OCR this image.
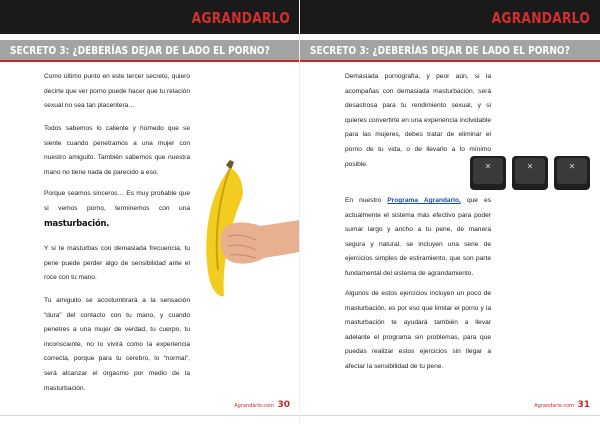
AGRANDARLO
SECRETO 3: ¿DEBERÍAS DEJAR DE LADO EL PORNO?

Como último punto en este tercer secreto, quiero decirte que ver porno puede hacer que tu relación sexual no sea tan placentera…

Todos sabemos lo caliente y húmedo que se siente cuando penetramos a una mujer con nuestro amiguito. También sabemos que nuestra mano no tiene nada de parecido a eso.

Porque seamos sinceros… Es muy probable que si vemos porno, terminemos con una masturbación.

Y si te masturbas con demasiada frecuencia, tu pene puede perder algo de sensibilidad ante el roce con tu mano.

Tu amiguito se acostumbrará a la sensación “dura” del contacto con tu mano, y cuando penetres a una mujer de verdad, tu cuerpo, tu inconsciente, no lo vivirá como la experiencia correcta, porque para tu cerebro, lo “normal”, será alcanzar el orgasmo por medio de la masturbación.

Agrandarlo.com 30
AGRANDARLO
SECRETO 3: ¿DEBERÍAS DEJAR DE LADO EL PORNO?

Demasiada pornografía, y peor aún, si la acompañas con demasiada masturbación, será desastrosa para tu rendimiento sexual, y si quieres convertirte en una experiencia inolvidable para las mujeres, debes tratar de eliminar el porno de tu vida, o de llevarlo a lo mínimo posible.	✕	✕	✕

En nuestro Programa Agrandarlo, que es actualmente el sistema más efectivo para poder sumar largo y ancho a tu pene, de manera segura y natural, se incluyen una serie de ejercicios simples de estiramiento, que son parte fundamental del sistema de agrandamiento.

Algunos de estos ejercicios incluyen un poco de masturbación, es por eso que limitar el porno y la masturbación te ayudará también a llevar adelante el programa sin problemas, para que puedas realizar estos ejercicios sin llegar a afectar la sensibilidad de tu pene.

Agrandarlo.com 31
